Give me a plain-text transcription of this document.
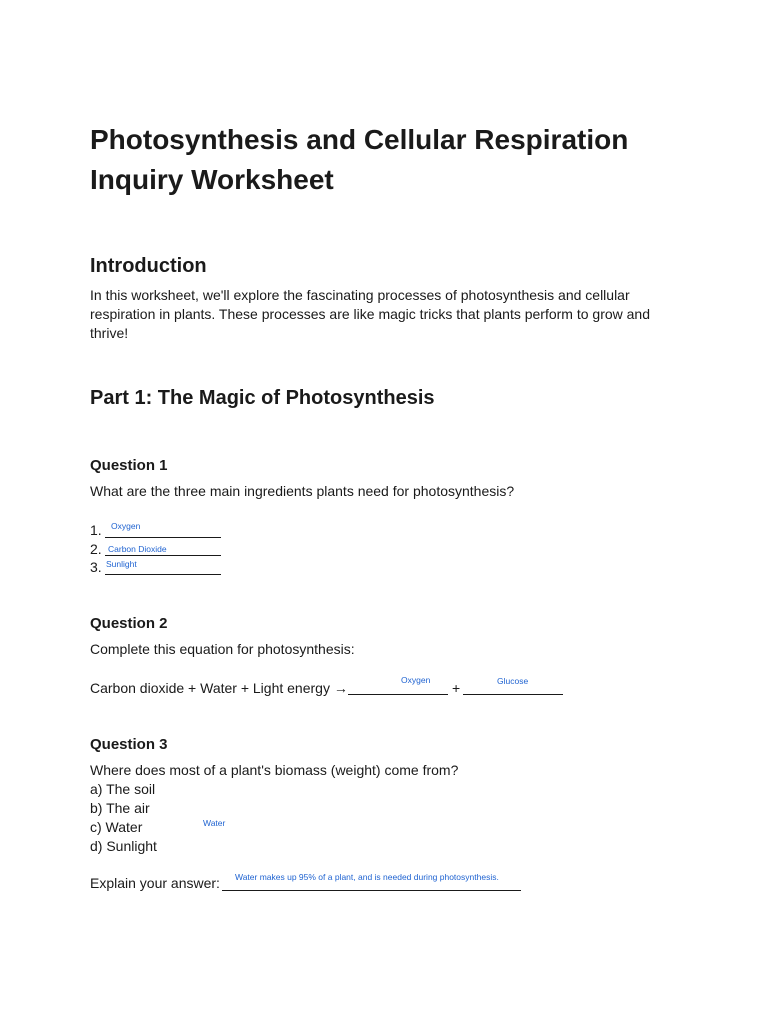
Photosynthesis and Cellular Respiration
Inquiry Worksheet
Introduction
In this worksheet, we'll explore the fascinating processes of photosynthesis and cellular respiration in plants. These processes are like magic tricks that plants perform to grow and thrive!
Part 1: The Magic of Photosynthesis
Question 1
What are the three main ingredients plants need for photosynthesis?
1. Oxygen
2. Carbon Dioxide
3. Sunlight
Question 2
Complete this equation for photosynthesis:
Carbon dioxide + Water + Light energy →	Oxygen +	Glucose
Question 3
Where does most of a plant's biomass (weight) come from?
a) The soil
b) The air
c) Water	Water
d) Sunlight
Explain your answer: Water makes up 95% of a plant, and is needed during photosynthesis.
